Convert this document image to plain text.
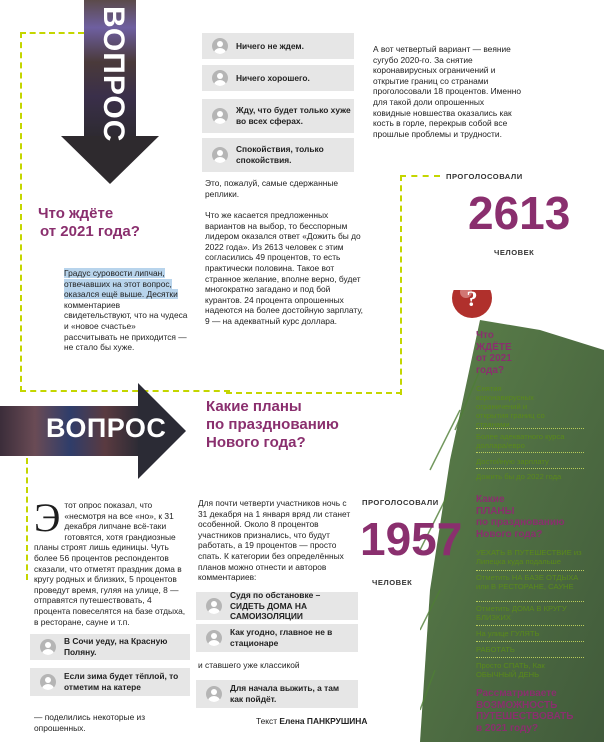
ВОПРОС
Что ждёте
от 2021 года?
Градус суровости липчан, отвечавших на этот вопрос, оказался ещё выше. Десятки комментариев свидетельствуют, что на чудеса и «новое счастье» рассчитывать не приходится — не стало бы хуже.
Ничего не ждем.
Ничего хорошего.
Жду, что будет только хуже во всех сферах.
Спокойствия, только спокойствия.
Это, пожалуй, самые сдержанные реплики.
Что же касается предложенных вариантов на выбор, то бесспорным лидером оказался ответ «Дожить бы до 2022 года». Из 2613 человек с этим согласились 49 процентов, то есть практически половина. Такое вот странное желание, вполне верно, будет многократно загадано и под бой курантов. 24 процента опрошенных надеются на более достойную зарплату, 9 — на адекватный курс доллара.
А вот четвертый вариант — веяние сугубо 2020-го. За снятие коронавирусных ограничений и открытие границ со странами проголосовали 18 процентов. Именно для такой доли опрошенных ковидные новшества оказались как кость в горле, перекрыв собой все прошлые проблемы и трудности.
ПРОГОЛОСОВАЛИ
2613
ЧЕЛОВЕК
?
Что
ЖДЁТЕ
от 2021
года?
Снятия коронавирусных ограничений и открытия границ со странами
Более адекватного курса доллара/евро
Достойную зарплату
Дожить бы до 2022 года
Какие
ПЛАНЫ
по празднованию
Нового года?
УЕХАТЬ В ПУТЕШЕСТВИЕ из Липецка куда подальше
Отметить НА БАЗЕ ОТДЫХА или В РЕСТОРАНЕ, САУНЕ
Отметить ДОМА В КРУГУ БЛИЗКИХ
На улице ГУЛЯТЬ
РАБОТАТЬ
Просто СПАТЬ, Как ОБЫЧНЫЙ ДЕНЬ
Рассматриваете
ВОЗМОЖНОСТЬ
ПУТЕШЕСТВОВАТЬ
в 2021 году?
ВОПРОС
Какие планы
по празднованию
Нового года?
Этот опрос показал, что «несмотря на все «но», к 31 декабря липчане всё-таки готовятся, хотя грандиозные планы строят лишь единицы. Чуть более 56 процентов респондентов сказали, что отметят праздник дома в кругу родных и близких, 5 процентов проведут время, гуляя на улице, 8 — отправятся путешествовать, 4 процента повеселятся на базе отдыха, в ресторане, сауне и т.п.
В Сочи уеду, на Красную Поляну.
Если зима будет тёплой, то отметим на катере
— поделились некоторые из опрошенных.
Для почти четверти участников ночь с 31 декабря на 1 января вряд ли станет особенной. Около 8 процентов участников признались, что будут работать, а 19 процентов — просто спать. К категории без определённых планов можно отнести и авторов комментариев:
Судя по обстановке – СИДЕТЬ ДОМА НА САМОИЗОЛЯЦИИ
Как угодно, главное не в стационаре
и ставшего уже классикой
Для начала выжить, а там как пойдёт.
Текст Елена ПАНКРУШИНА
ПРОГОЛОСОВАЛИ
1957
ЧЕЛОВЕК
